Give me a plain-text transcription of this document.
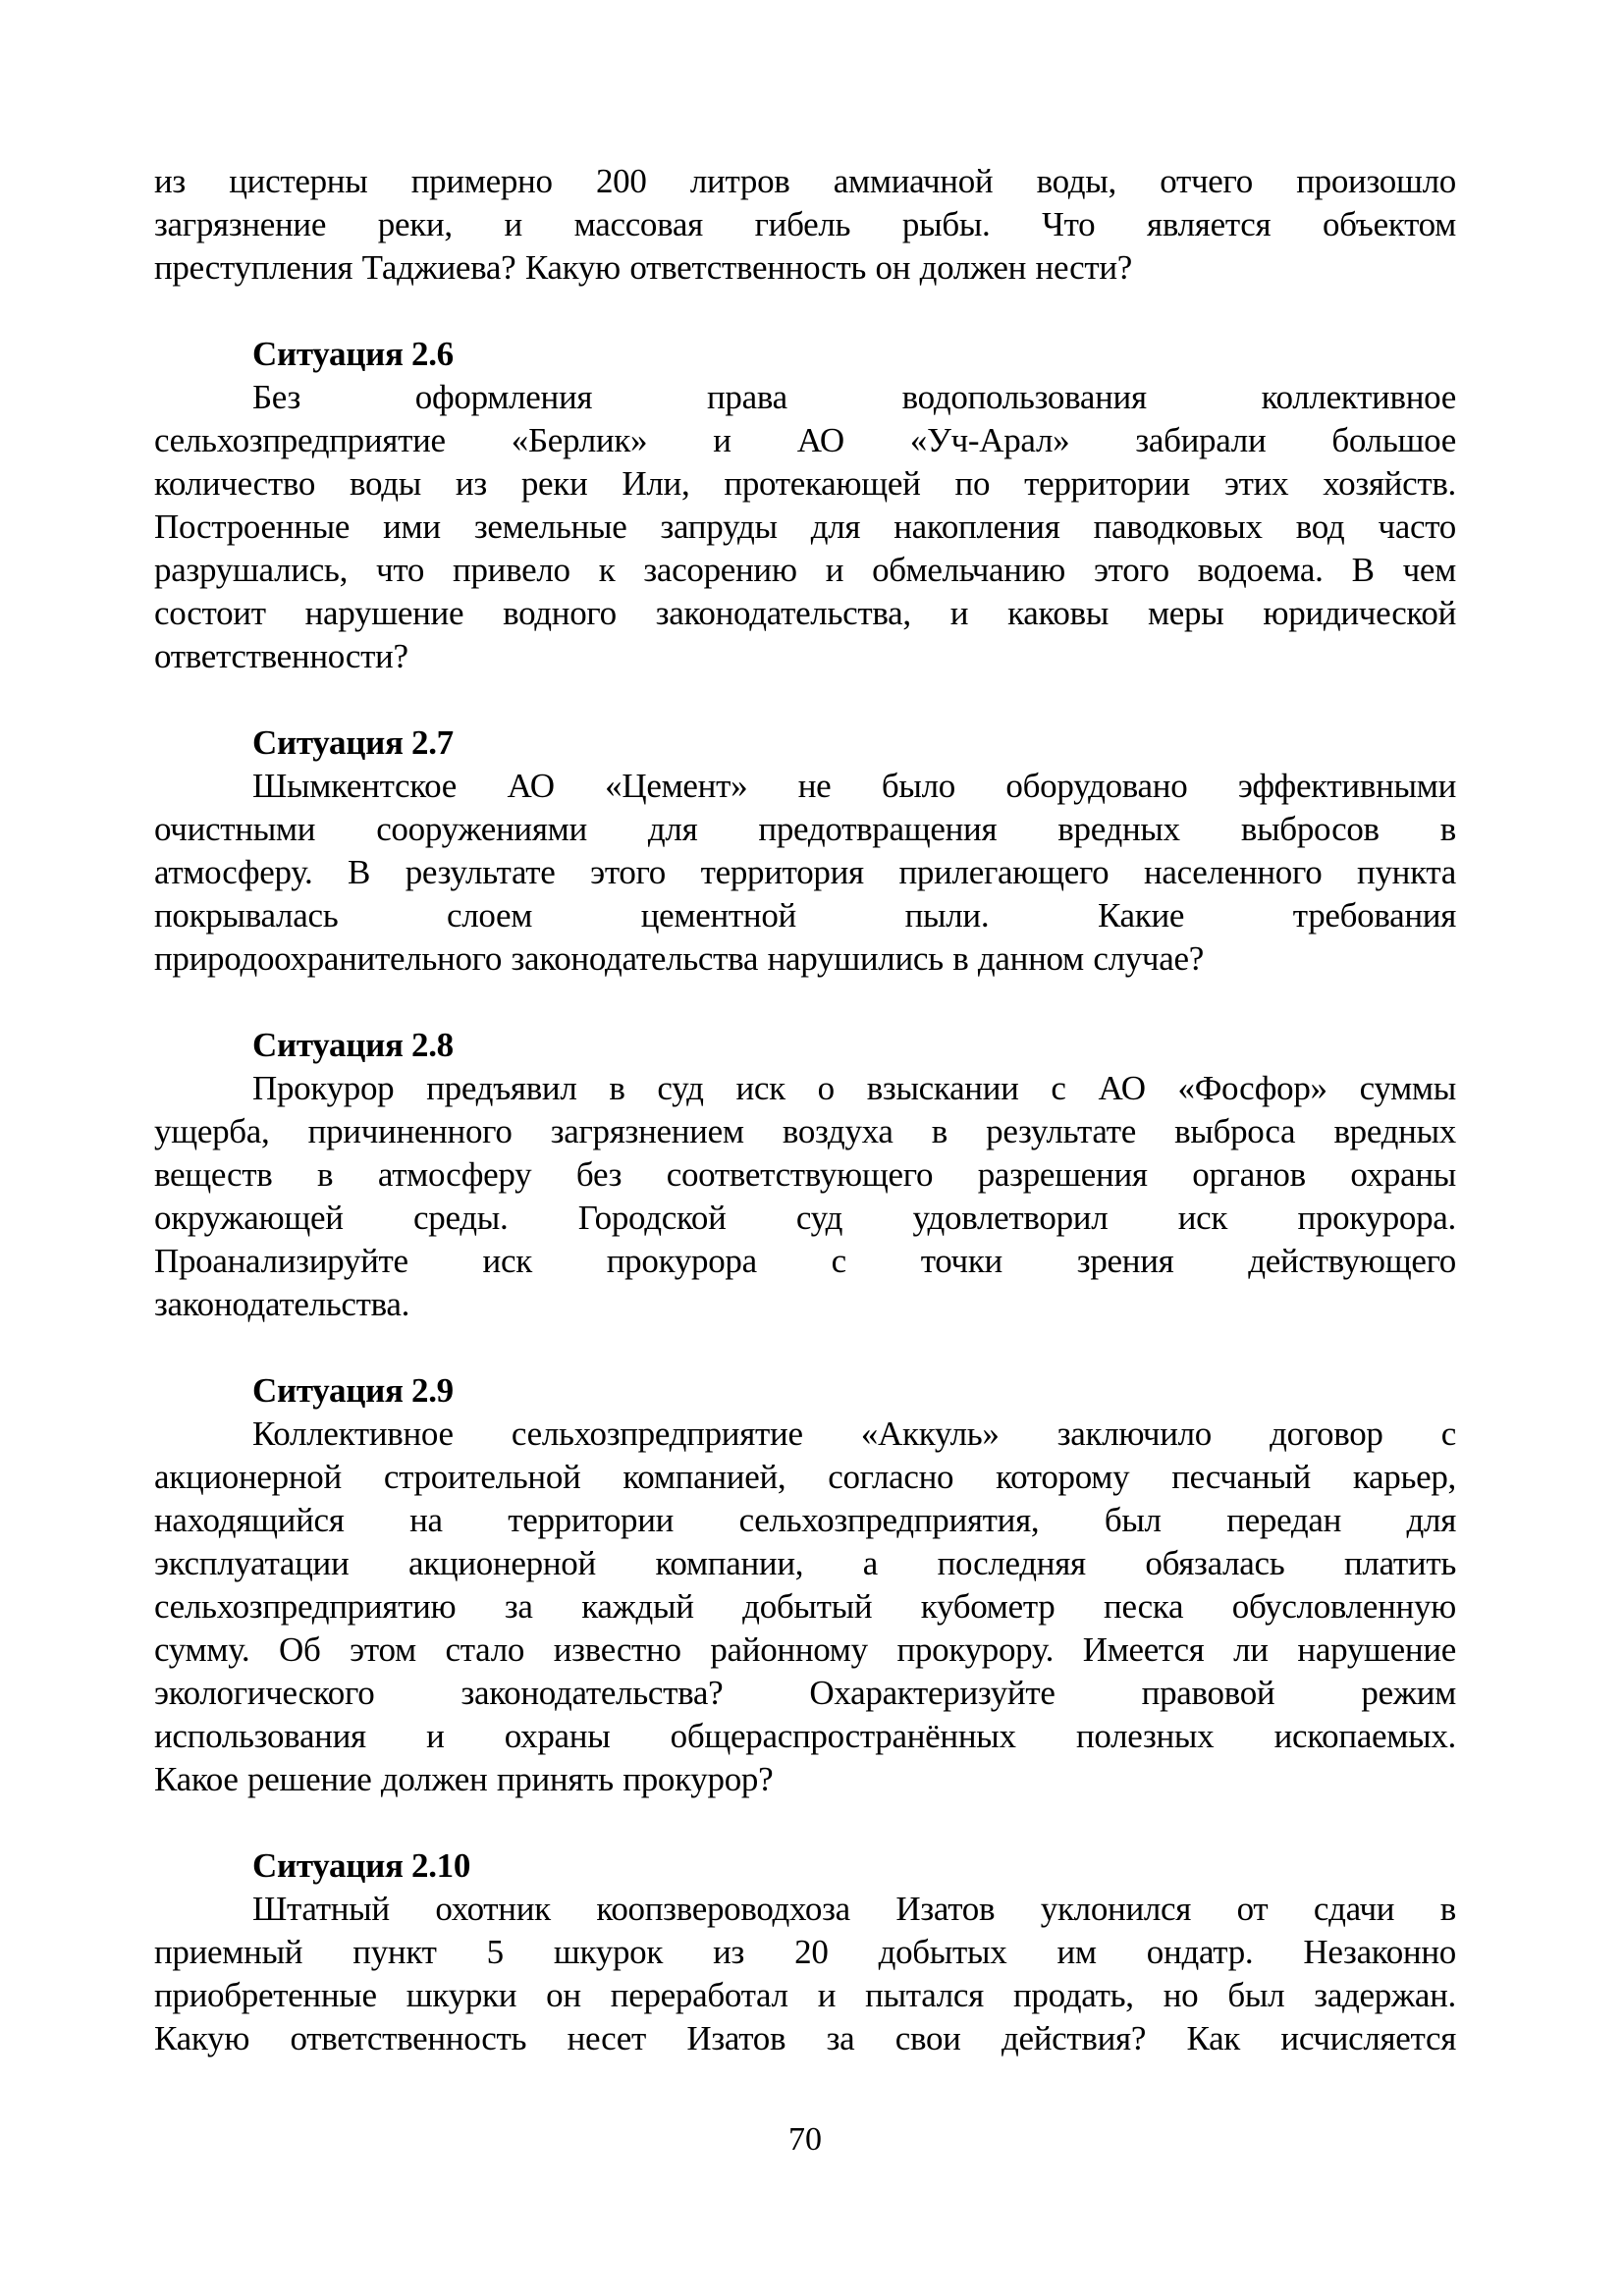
из цистерны примерно 200 литров аммиачной воды, отчего произошло
загрязнение реки, и массовая гибель рыбы. Что является объектом
преступления Таджиева? Какую ответственность он должен нести?
Ситуация 2.6
Без оформления права водопользования коллективное
сельхозпредприятие «Берлик» и АО «Уч-Арал» забирали большое
количество воды из реки Или, протекающей по территории этих хозяйств.
Построенные ими земельные запруды для накопления паводковых вод часто
разрушались, что привело к засорению и обмельчанию этого водоема. В чем
состоит нарушение водного законодательства, и каковы меры юридической
ответственности?
Ситуация 2.7
Шымкентское АО «Цемент» не было оборудовано эффективными
очистными сооружениями для предотвращения вредных выбросов в
атмосферу. В результате этого территория прилегающего населенного пункта
покрывалась слоем цементной пыли. Какие требования
природоохранительного законодательства нарушились в данном случае?
Ситуация 2.8
Прокурор предъявил в суд иск о взыскании с АО «Фосфор» суммы
ущерба, причиненного загрязнением воздуха в результате выброса вредных
веществ в атмосферу без соответствующего разрешения органов охраны
окружающей среды. Городской суд удовлетворил иск прокурора.
Проанализируйте иск прокурора с точки зрения действующего
законодательства.
Ситуация 2.9
Коллективное сельхозпредприятие «Аккуль» заключило договор с
акционерной строительной компанией, согласно которому песчаный карьер,
находящийся на территории сельхозпредприятия, был передан для
эксплуатации акционерной компании, а последняя обязалась платить
сельхозпредприятию за каждый добытый кубометр песка обусловленную
сумму. Об этом стало известно районному прокурору. Имеется ли нарушение
экологического законодательства? Охарактеризуйте правовой режим
использования и охраны общераспространённых полезных ископаемых.
Какое решение должен принять прокурор?
Ситуация 2.10
Штатный охотник коопзвероводхоза Изатов уклонился от сдачи в
приемный пункт 5 шкурок из 20 добытых им ондатр. Незаконно
приобретенные шкурки он переработал и пытался продать, но был задержан.
Какую ответственность несет Изатов за свои действия? Как исчисляется
70
